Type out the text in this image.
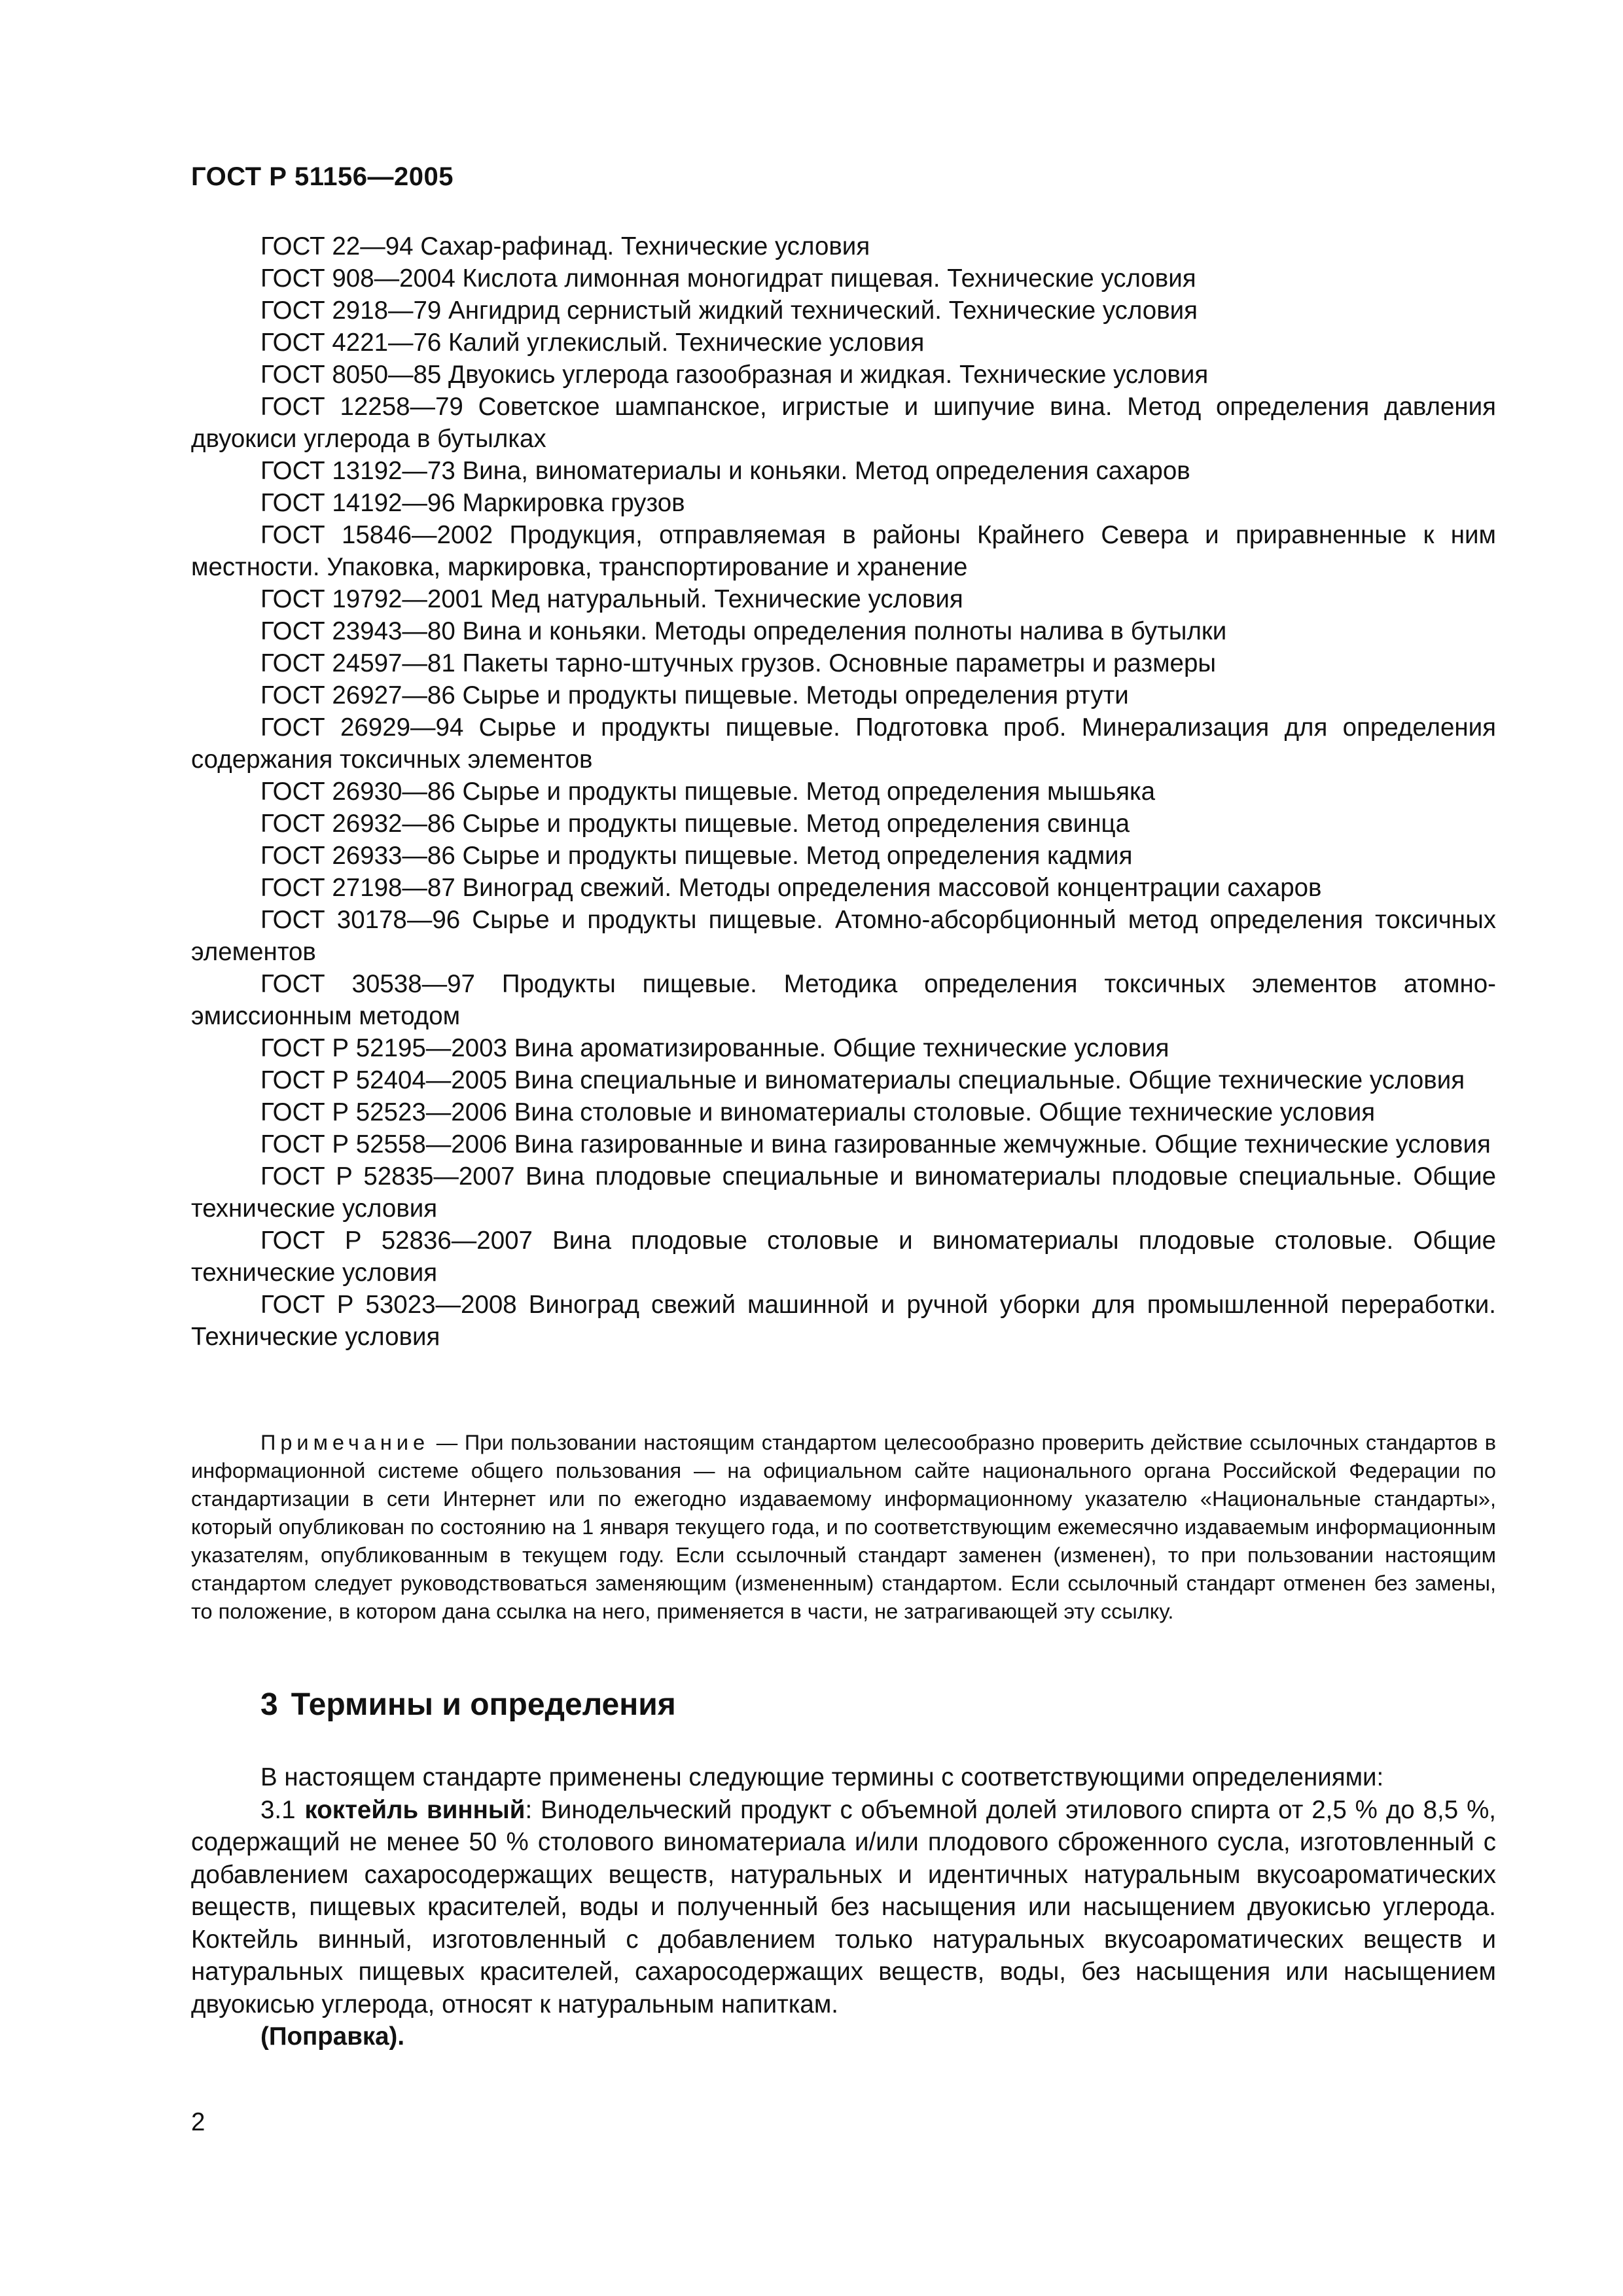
ГОСТ Р 51156—2005

ГОСТ 22—94 Сахар-рафинад. Технические условия

ГОСТ 908—2004 Кислота лимонная моногидрат пищевая. Технические условия

ГОСТ 2918—79 Ангидрид сернистый жидкий технический. Технические условия

ГОСТ 4221—76 Калий углекислый. Технические условия

ГОСТ 8050—85 Двуокись углерода газообразная и жидкая. Технические условия

ГОСТ 12258—79 Советское шампанское, игристые и шипучие вина. Метод определения давления двуокиси углерода в бутылках

ГОСТ 13192—73 Вина, виноматериалы и коньяки. Метод определения сахаров

ГОСТ 14192—96 Маркировка грузов

ГОСТ 15846—2002 Продукция, отправляемая в районы Крайнего Севера и приравненные к ним местности. Упаковка, маркировка, транспортирование и хранение

ГОСТ 19792—2001 Мед натуральный. Технические условия

ГОСТ 23943—80 Вина и коньяки. Методы определения полноты налива в бутылки

ГОСТ 24597—81 Пакеты тарно-штучных грузов. Основные параметры и размеры

ГОСТ 26927—86 Сырье и продукты пищевые. Методы определения ртути

ГОСТ 26929—94 Сырье и продукты пищевые. Подготовка проб. Минерализация для определения содержания токсичных элементов

ГОСТ 26930—86 Сырье и продукты пищевые. Метод определения мышьяка

ГОСТ 26932—86 Сырье и продукты пищевые. Метод определения свинца

ГОСТ 26933—86 Сырье и продукты пищевые. Метод определения кадмия

ГОСТ 27198—87 Виноград свежий. Методы определения массовой концентрации сахаров

ГОСТ 30178—96 Сырье и продукты пищевые. Атомно-абсорбционный метод определения токсичных элементов

ГОСТ 30538—97 Продукты пищевые. Методика определения токсичных элементов атомно-эмиссионным методом

ГОСТ Р 52195—2003 Вина ароматизированные. Общие технические условия

ГОСТ Р 52404—2005 Вина специальные и виноматериалы специальные. Общие технические условия

ГОСТ Р 52523—2006 Вина столовые и виноматериалы столовые. Общие технические условия

ГОСТ Р 52558—2006 Вина газированные и вина газированные жемчужные. Общие технические условия

ГОСТ Р 52835—2007 Вина плодовые специальные и виноматериалы плодовые специальные. Общие технические условия

ГОСТ Р 52836—2007 Вина плодовые столовые и виноматериалы плодовые столовые. Общие технические условия

ГОСТ Р 53023—2008 Виноград свежий машинной и ручной уборки для промышленной переработки. Технические условия

Примечание — При пользовании настоящим стандартом целесообразно проверить действие ссылочных стандартов в информационной системе общего пользования — на официальном сайте национального органа Российской Федерации по стандартизации в сети Интернет или по ежегодно издаваемому информационному указателю «Национальные стандарты», который опубликован по состоянию на 1 января текущего года, и по соответствующим ежемесячно издаваемым информационным указателям, опубликованным в текущем году. Если ссылочный стандарт заменен (изменен), то при пользовании настоящим стандартом следует руководствоваться заменяющим (измененным) стандартом. Если ссылочный стандарт отменен без замены, то положение, в котором дана ссылка на него, применяется в части, не затрагивающей эту ссылку.

3 Термины и определения

В настоящем стандарте применены следующие термины с соответствующими определениями:

3.1 коктейль винный: Винодельческий продукт с объемной долей этилового спирта от 2,5 % до 8,5 %, содержащий не менее 50 % столового виноматериала и/или плодового сброженного сусла, изготовленный с добавлением сахаросодержащих веществ, натуральных и идентичных натуральным вкусоароматических веществ, пищевых красителей, воды и полученный без насыщения или насыщением двуокисью углерода. Коктейль винный, изготовленный с добавлением только натуральных вкусоароматических веществ и натуральных пищевых красителей, сахаросодержащих веществ, воды, без насыщения или насыщением двуокисью углерода, относят к натуральным напиткам.

(Поправка).

2
